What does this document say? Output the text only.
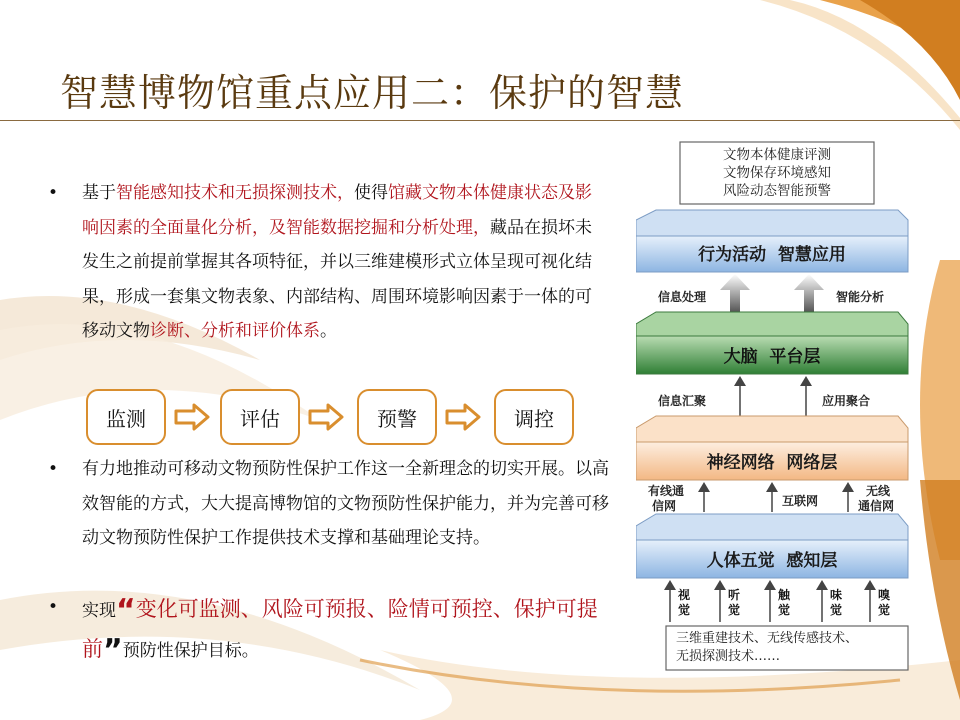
智慧博物馆重点应用二：保护的智慧
•	基于智能感知技术和无损探测技术，使得馆藏文物本体健康状态及影响因素的全面量化分析，及智能数据挖掘和分析处理，藏品在损坏未发生之前提前掌握其各项特征，并以三维建模形式立体呈现可视化结果，形成一套集文物表象、内部结构、周围环境影响因素于一体的可移动文物诊断、分析和评价体系。
监测	评估	预警	调控
•	有力地推动可移动文物预防性保护工作这一全新理念的切实开展。以高效智能的方式，大大提高博物馆的文物预防性保护能力，并为完善可移动文物预防性保护工作提供技术支撑和基础理论支持。
•	实现“变化可监测、风险可预报、险情可预控、保护可提前”预防性保护目标。
文物本体健康评测
文物保存环境感知
风险动态智能预警
行为活动  智慧应用
信息处理	智能分析
大脑  平台层
信息汇聚	应用聚合
神经网络  网络层
有线通
信网	互联网
无线
通信网
人体五觉  感知层
视
觉
听
觉
触
觉
味
觉
嗅
觉
三维重建技术、无线传感技术、
无损探测技术……
